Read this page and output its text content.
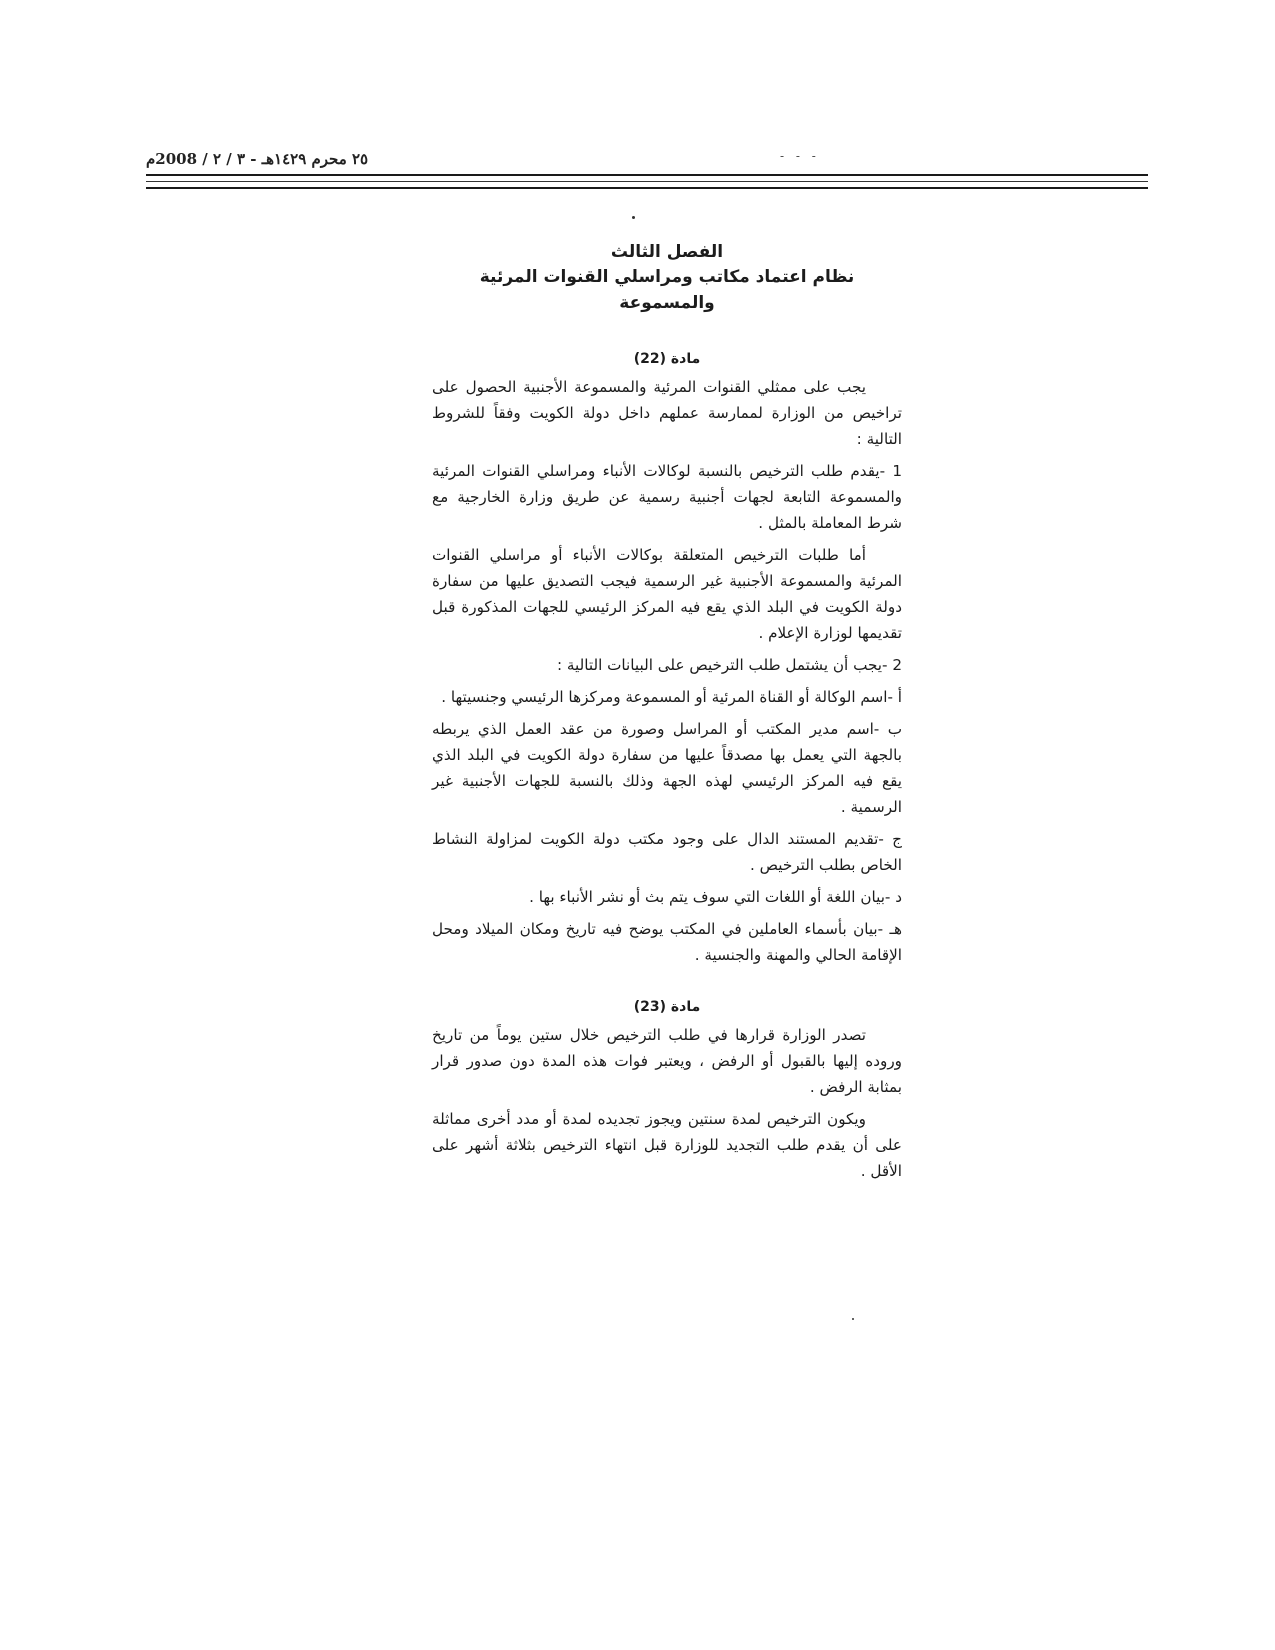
٢٥ محرم ١٤٢٩هـ - ٣ / ٢ / 2008م	- - -

الفصل الثالث

نظام اعتماد مكاتب ومراسلي القنوات المرئية والمسموعة

مادة (22)

يجب على ممثلي القنوات المرئية والمسموعة الأجنبية الحصول على تراخيص من الوزارة لممارسة عملهم داخل دولة الكويت وفقاً للشروط التالية :

1 -يقدم طلب الترخيص بالنسبة لوكالات الأنباء ومراسلي القنوات المرئية والمسموعة التابعة لجهات أجنبية رسمية عن طريق وزارة الخارجية مع شرط المعاملة بالمثل .

أما طلبات الترخيص المتعلقة بوكالات الأنباء أو مراسلي القنوات المرئية والمسموعة الأجنبية غير الرسمية فيجب التصديق عليها من سفارة دولة الكويت في البلد الذي يقع فيه المركز الرئيسي للجهات المذكورة قبل تقديمها لوزارة الإعلام .

2 -يجب أن يشتمل طلب الترخيص على البيانات التالية :

أ -اسم الوكالة أو القناة المرئية أو المسموعة ومركزها الرئيسي وجنسيتها .

ب -اسم مدير المكتب أو المراسل وصورة من عقد العمل الذي يربطه بالجهة التي يعمل بها مصدقاً عليها من سفارة دولة الكويت في البلد الذي يقع فيه المركز الرئيسي لهذه الجهة وذلك بالنسبة للجهات الأجنبية غير الرسمية .

ج -تقديم المستند الدال على وجود مكتب دولة الكويت لمزاولة النشاط الخاص بطلب الترخيص .

د -بيان اللغة أو اللغات التي سوف يتم بث أو نشر الأنباء بها .

هـ -بيان بأسماء العاملين في المكتب يوضح فيه تاريخ ومكان الميلاد ومحل الإقامة الحالي والمهنة والجنسية .

مادة (23)

تصدر الوزارة قرارها في طلب الترخيص خلال ستين يوماً من تاريخ وروده إليها بالقبول أو الرفض ، ويعتبر فوات هذه المدة دون صدور قرار بمثابة الرفض .

ويكون الترخيص لمدة سنتين ويجوز تجديده لمدة أو مدد أخرى مماثلة على أن يقدم طلب التجديد للوزارة قبل انتهاء الترخيص بثلاثة أشهر على الأقل .
